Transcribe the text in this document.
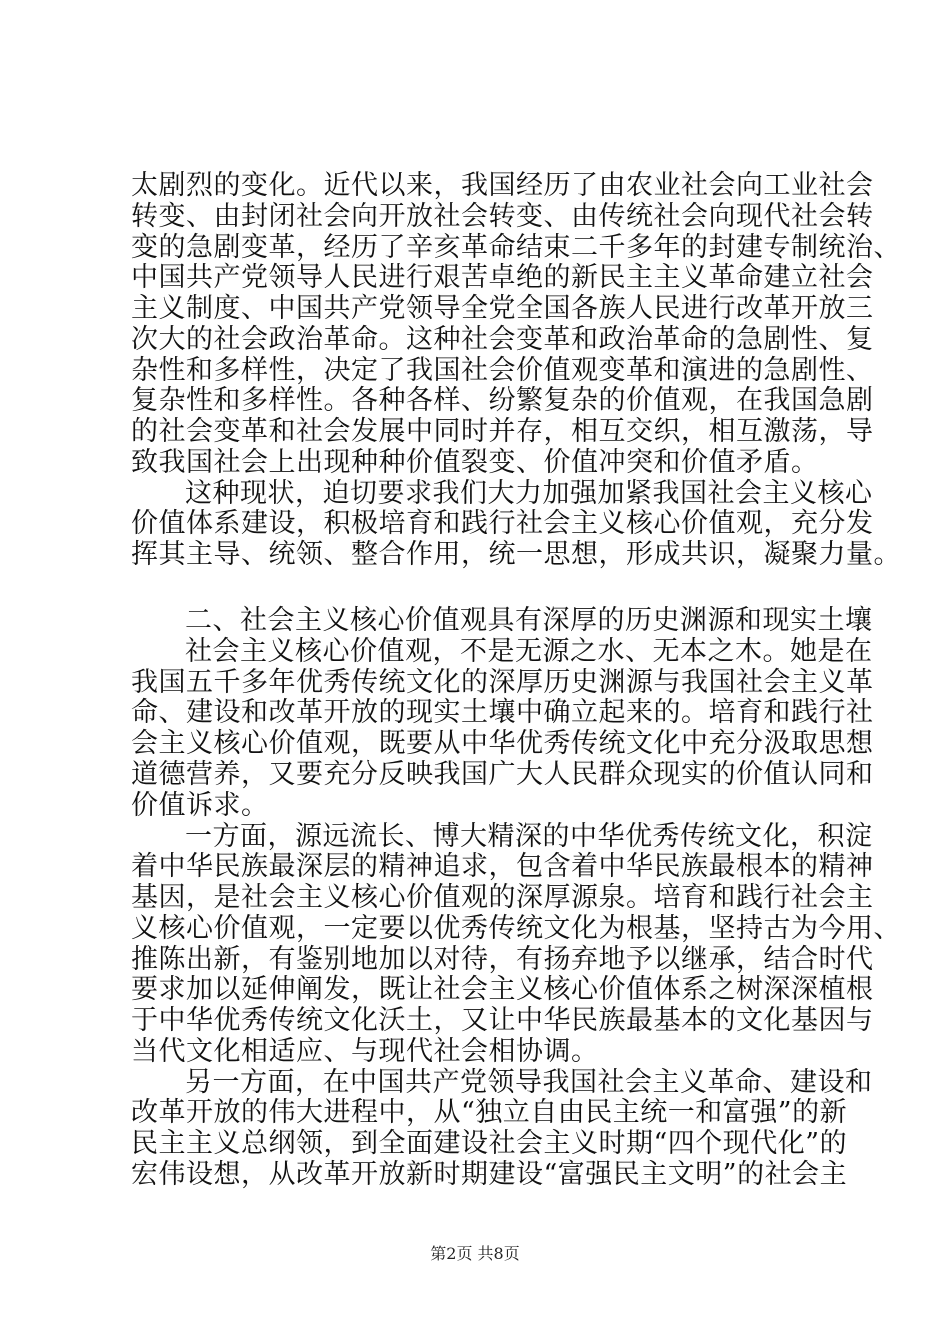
太剧烈的变化。近代以来，我国经历了由农业社会向工业社会
转变、由封闭社会向开放社会转变、由传统社会向现代社会转
变的急剧变革，经历了辛亥革命结束二千多年的封建专制统治、
中国共产党领导人民进行艰苦卓绝的新民主主义革命建立社会
主义制度、中国共产党领导全党全国各族人民进行改革开放三
次大的社会政治革命。这种社会变革和政治革命的急剧性、复
杂性和多样性，决定了我国社会价值观变革和演进的急剧性、
复杂性和多样性。各种各样、纷繁复杂的价值观，在我国急剧
的社会变革和社会发展中同时并存，相互交织，相互激荡，导
致我国社会上出现种种价值裂变、价值冲突和价值矛盾。
这种现状，迫切要求我们大力加强加紧我国社会主义核心
价值体系建设，积极培育和践行社会主义核心价值观，充分发
挥其主导、统领、整合作用，统一思想，形成共识，凝聚力量。
二、社会主义核心价值观具有深厚的历史渊源和现实土壤
社会主义核心价值观，不是无源之水、无本之木。她是在
我国五千多年优秀传统文化的深厚历史渊源与我国社会主义革
命、建设和改革开放的现实土壤中确立起来的。培育和践行社
会主义核心价值观，既要从中华优秀传统文化中充分汲取思想
道德营养，又要充分反映我国广大人民群众现实的价值认同和
价值诉求。
一方面，源远流长、博大精深的中华优秀传统文化，积淀
着中华民族最深层的精神追求，包含着中华民族最根本的精神
基因，是社会主义核心价值观的深厚源泉。培育和践行社会主
义核心价值观，一定要以优秀传统文化为根基，坚持古为今用、
推陈出新，有鉴别地加以对待，有扬弃地予以继承，结合时代
要求加以延伸阐发，既让社会主义核心价值体系之树深深植根
于中华优秀传统文化沃土，又让中华民族最基本的文化基因与
当代文化相适应、与现代社会相协调。
另一方面，在中国共产党领导我国社会主义革命、建设和
改革开放的伟大进程中，从“独立自由民主统一和富强”的新
民主主义总纲领，到全面建设社会主义时期“四个现代化”的
宏伟设想，从改革开放新时期建设“富强民主文明”的社会主
第2页 共8页
